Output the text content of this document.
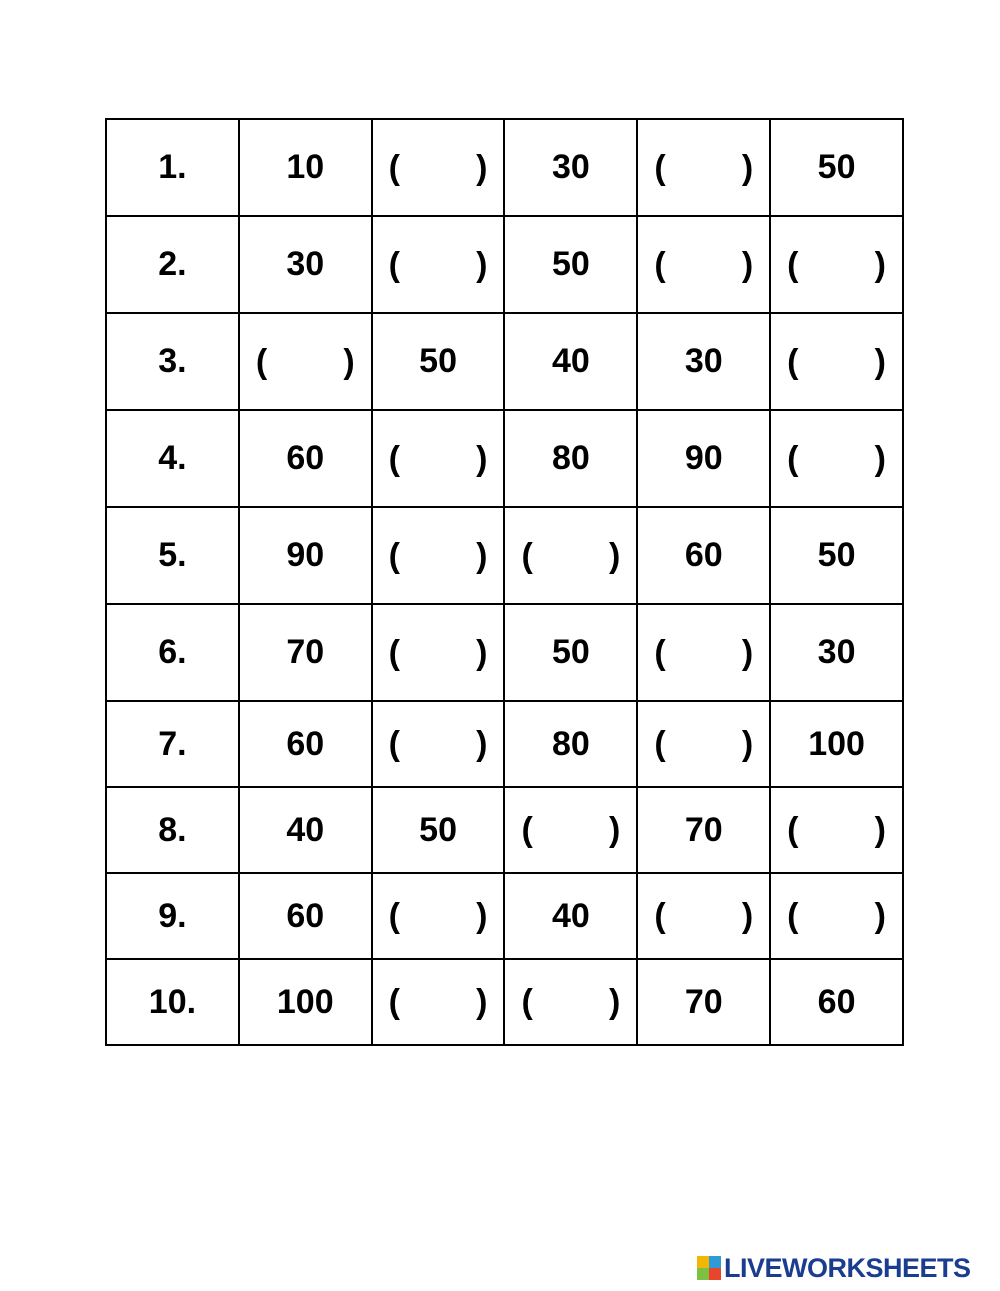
1.	10	( )	30	( )	50
2.	30	( )	50	( )	( )

3.	( )	50	40	30	( )

4.	60	( )	80	90	( )

5.	90	( )	( )	60	50
6.	70	( )	50	( )	30
7.	60	( )	80	( )	100
8.	40	50	( )	70	( )

9.	60	( )	40	( )	( )

10.	100	( )	( )	70	60
LIVEWORKSHEETS
